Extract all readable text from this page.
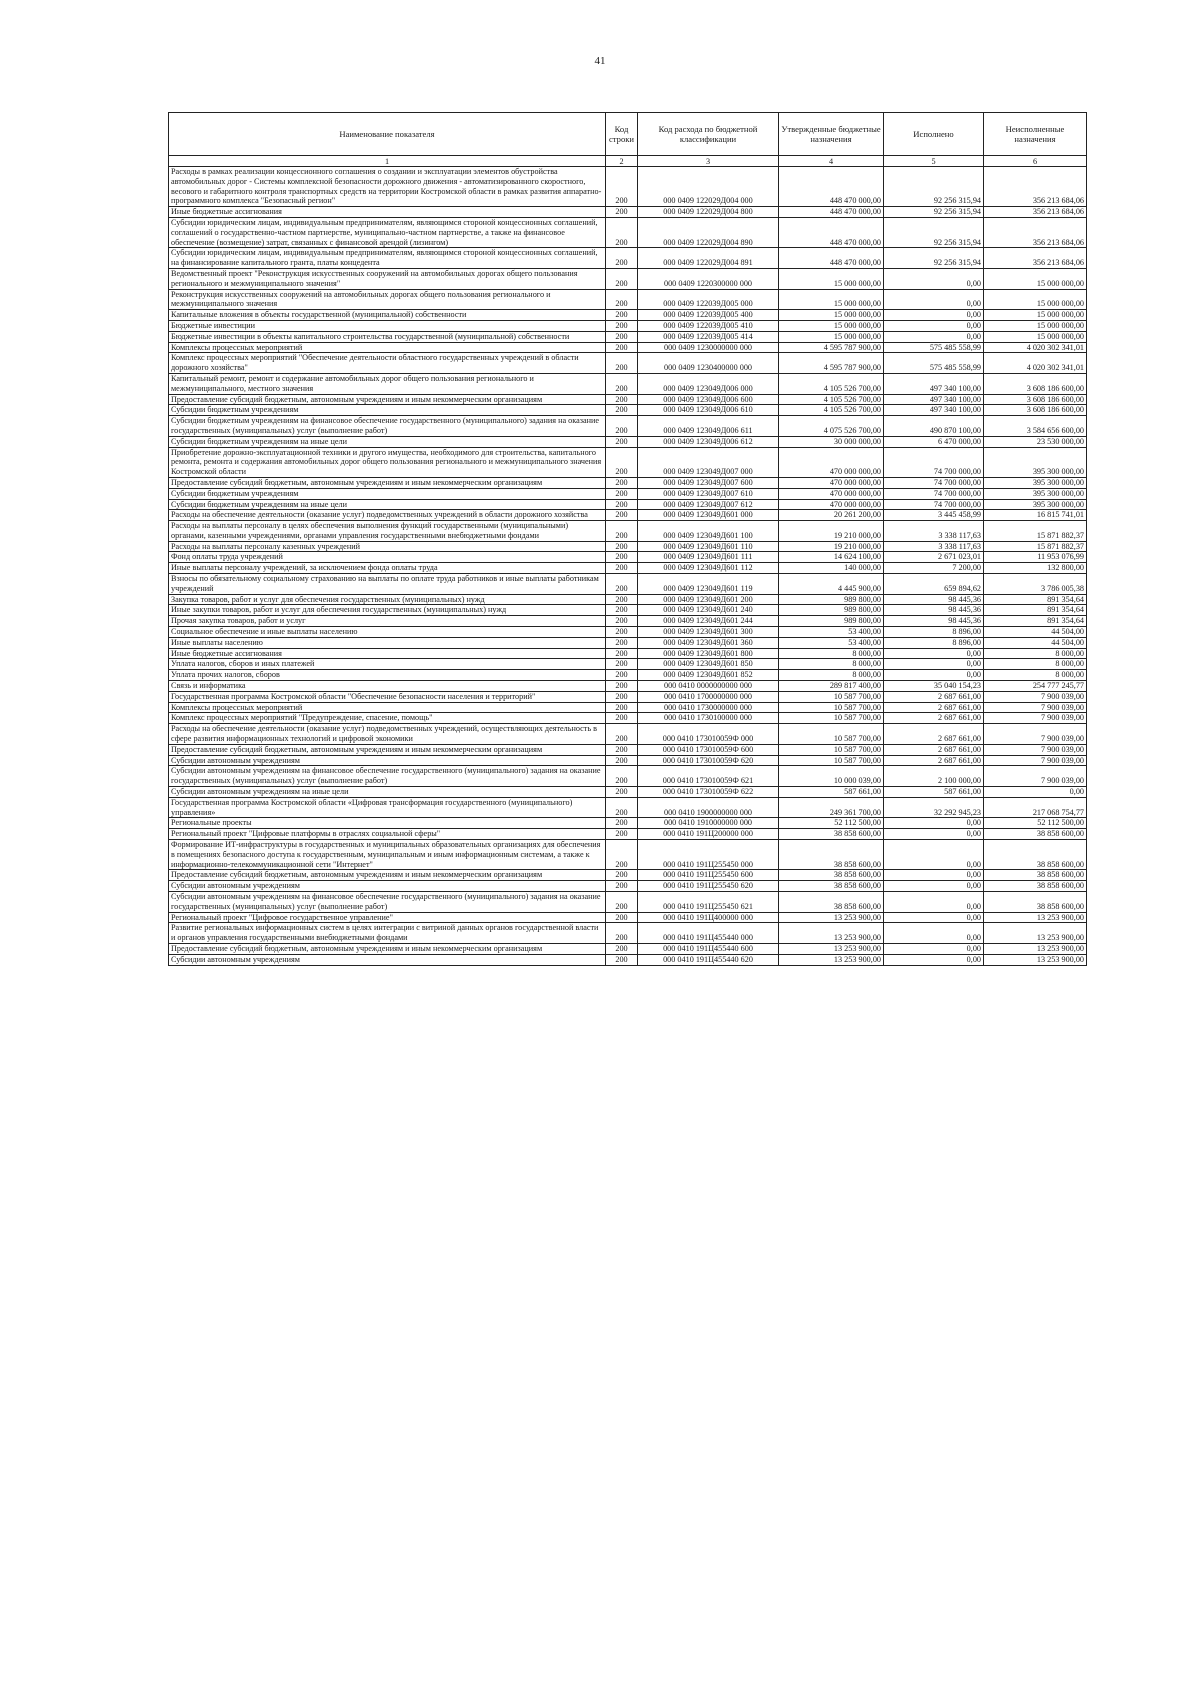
41
Наименование показателя	Код строки	Код расхода по бюджетной классификации	Утвержденные бюджетные назначения	Исполнено	Неисполненные назначения
1	2	3	4	5	6
Расходы в рамках реализации концессионного соглашения о создании и эксплуатации элементов обустройства автомобильных дорог - Системы комплексной безопасности дорожного движения - автоматизированного скоростного, весового и габаритного контроля транспортных средств на территории Костромской области в рамках развития аппаратно-программного комплекса "Безопасный регион"	200	000 0409 122029Д004 000	448 470 000,00	92 256 315,94	356 213 684,06
Иные бюджетные ассигнования	200	000 0409 122029Д004 800	448 470 000,00	92 256 315,94	356 213 684,06
Субсидии юридическим лицам, индивидуальным предпринимателям, являющимся стороной концессионных соглашений, соглашений о государственно-частном партнерстве, муниципально-частном партнерстве, а также на финансовое обеспечение (возмещение) затрат, связанных с финансовой арендой (лизингом)	200	000 0409 122029Д004 890	448 470 000,00	92 256 315,94	356 213 684,06
Субсидии юридическим лицам, индивидуальным предпринимателям, являющимся стороной концессионных соглашений, на финансирование капитального гранта, платы концедента	200	000 0409 122029Д004 891	448 470 000,00	92 256 315,94	356 213 684,06
Ведомственный проект "Реконструкция искусственных сооружений на автомобильных дорогах общего пользования регионального и межмуниципального значения"	200	000 0409 1220300000 000	15 000 000,00	0,00	15 000 000,00
Реконструкция искусственных сооружений на автомобильных дорогах общего пользования регионального и межмуниципального значения	200	000 0409 122039Д005 000	15 000 000,00	0,00	15 000 000,00
Капитальные вложения в объекты государственной (муниципальной) собственности	200	000 0409 122039Д005 400	15 000 000,00	0,00	15 000 000,00
Бюджетные инвестиции	200	000 0409 122039Д005 410	15 000 000,00	0,00	15 000 000,00
Бюджетные инвестиции в объекты капитального строительства государственной (муниципальной) собственности	200	000 0409 122039Д005 414	15 000 000,00	0,00	15 000 000,00
Комплексы процессных мероприятий	200	000 0409 1230000000 000	4 595 787 900,00	575 485 558,99	4 020 302 341,01
Комплекс процессных мероприятий "Обеспечение деятельности областного государственных учреждений в области дорожного хозяйства"	200	000 0409 1230400000 000	4 595 787 900,00	575 485 558,99	4 020 302 341,01
Капитальный ремонт, ремонт и содержание автомобильных дорог общего пользования регионального и межмуниципального, местного значения	200	000 0409 123049Д006 000	4 105 526 700,00	497 340 100,00	3 608 186 600,00
Предоставление субсидий бюджетным, автономным учреждениям и иным некоммерческим организациям	200	000 0409 123049Д006 600	4 105 526 700,00	497 340 100,00	3 608 186 600,00
Субсидии бюджетным учреждениям	200	000 0409 123049Д006 610	4 105 526 700,00	497 340 100,00	3 608 186 600,00
Субсидии бюджетным учреждениям на финансовое обеспечение государственного (муниципального) задания на оказание государственных (муниципальных) услуг (выполнение работ)	200	000 0409 123049Д006 611	4 075 526 700,00	490 870 100,00	3 584 656 600,00
Субсидии бюджетным учреждениям на иные цели	200	000 0409 123049Д006 612	30 000 000,00	6 470 000,00	23 530 000,00
Приобретение дорожно-эксплуатационной техники и другого имущества, необходимого для строительства, капитального ремонта, ремонта и содержания автомобильных дорог общего пользования регионального и межмуниципального значения Костромской области	200	000 0409 123049Д007 000	470 000 000,00	74 700 000,00	395 300 000,00
Предоставление субсидий бюджетным, автономным учреждениям и иным некоммерческим организациям	200	000 0409 123049Д007 600	470 000 000,00	74 700 000,00	395 300 000,00
Субсидии бюджетным учреждениям	200	000 0409 123049Д007 610	470 000 000,00	74 700 000,00	395 300 000,00
Субсидии бюджетным учреждениям на иные цели	200	000 0409 123049Д007 612	470 000 000,00	74 700 000,00	395 300 000,00
Расходы на обеспечение деятельности (оказание услуг) подведомственных учреждений в области дорожного хозяйства	200	000 0409 123049Д601 000	20 261 200,00	3 445 458,99	16 815 741,01
Расходы на выплаты персоналу в целях обеспечения выполнения функций государственными (муниципальными) органами, казенными учреждениями, органами управления государственными внебюджетными фондами	200	000 0409 123049Д601 100	19 210 000,00	3 338 117,63	15 871 882,37
Расходы на выплаты персоналу казенных учреждений	200	000 0409 123049Д601 110	19 210 000,00	3 338 117,63	15 871 882,37
Фонд оплаты труда учреждений	200	000 0409 123049Д601 111	14 624 100,00	2 671 023,01	11 953 076,99
Иные выплаты персоналу учреждений, за исключением фонда оплаты труда	200	000 0409 123049Д601 112	140 000,00	7 200,00	132 800,00
Взносы по обязательному социальному страхованию на выплаты по оплате труда работников и иные выплаты работникам учреждений	200	000 0409 123049Д601 119	4 445 900,00	659 894,62	3 786 005,38
Закупка товаров, работ и услуг для обеспечения государственных (муниципальных) нужд	200	000 0409 123049Д601 200	989 800,00	98 445,36	891 354,64
Иные закупки товаров, работ и услуг для обеспечения государственных (муниципальных) нужд	200	000 0409 123049Д601 240	989 800,00	98 445,36	891 354,64
Прочая закупка товаров, работ и услуг	200	000 0409 123049Д601 244	989 800,00	98 445,36	891 354,64
Социальное обеспечение и иные выплаты населению	200	000 0409 123049Д601 300	53 400,00	8 896,00	44 504,00
Иные выплаты населению	200	000 0409 123049Д601 360	53 400,00	8 896,00	44 504,00
Иные бюджетные ассигнования	200	000 0409 123049Д601 800	8 000,00	0,00	8 000,00
Уплата налогов, сборов и иных платежей	200	000 0409 123049Д601 850	8 000,00	0,00	8 000,00
Уплата прочих налогов, сборов	200	000 0409 123049Д601 852	8 000,00	0,00	8 000,00
Связь и информатика	200	000 0410 0000000000 000	289 817 400,00	35 040 154,23	254 777 245,77
Государственная программа Костромской области "Обеспечение безопасности населения и территорий"	200	000 0410 1700000000 000	10 587 700,00	2 687 661,00	7 900 039,00
Комплексы процессных мероприятий	200	000 0410 1730000000 000	10 587 700,00	2 687 661,00	7 900 039,00
Комплекс процессных мероприятий "Предупреждение, спасение, помощь"	200	000 0410 1730100000 000	10 587 700,00	2 687 661,00	7 900 039,00
Расходы на обеспечение деятельности (оказание услуг) подведомственных учреждений, осуществляющих деятельность в сфере развития информационных технологий и цифровой экономики	200	000 0410 173010059Ф 000	10 587 700,00	2 687 661,00	7 900 039,00
Предоставление субсидий бюджетным, автономным учреждениям и иным некоммерческим организациям	200	000 0410 173010059Ф 600	10 587 700,00	2 687 661,00	7 900 039,00
Субсидии автономным учреждениям	200	000 0410 173010059Ф 620	10 587 700,00	2 687 661,00	7 900 039,00
Субсидии автономным учреждениям на финансовое обеспечение государственного (муниципального) задания на оказание государственных (муниципальных) услуг (выполнение работ)	200	000 0410 173010059Ф 621	10 000 039,00	2 100 000,00	7 900 039,00
Субсидии автономным учреждениям на иные цели	200	000 0410 173010059Ф 622	587 661,00	587 661,00	0,00
Государственная программа Костромской области «Цифровая трансформация государственного (муниципального) управления»	200	000 0410 1900000000 000	249 361 700,00	32 292 945,23	217 068 754,77
Региональные проекты	200	000 0410 1910000000 000	52 112 500,00	0,00	52 112 500,00
Региональный проект "Цифровые платформы в отраслях социальной сферы"	200	000 0410 191Ц200000 000	38 858 600,00	0,00	38 858 600,00
Формирование ИТ-инфраструктуры в государственных и муниципальных образовательных организациях для обеспечения в помещениях безопасного доступа к государственным, муниципальным и иным информационным системам, а также к информационно-телекоммуникационной сети "Интернет"	200	000 0410 191Ц255450 000	38 858 600,00	0,00	38 858 600,00
Предоставление субсидий бюджетным, автономным учреждениям и иным некоммерческим организациям	200	000 0410 191Ц255450 600	38 858 600,00	0,00	38 858 600,00
Субсидии автономным учреждениям	200	000 0410 191Ц255450 620	38 858 600,00	0,00	38 858 600,00
Субсидии автономным учреждениям на финансовое обеспечение государственного (муниципального) задания на оказание государственных (муниципальных) услуг (выполнение работ)	200	000 0410 191Ц255450 621	38 858 600,00	0,00	38 858 600,00
Региональный проект "Цифровое государственное управление"	200	000 0410 191Ц400000 000	13 253 900,00	0,00	13 253 900,00
Развитие региональных информационных систем в целях интеграции с витриной данных органов государственной власти и органов управления государственными внебюджетными фондами	200	000 0410 191Ц455440 000	13 253 900,00	0,00	13 253 900,00
Предоставление субсидий бюджетным, автономным учреждениям и иным некоммерческим организациям	200	000 0410 191Ц455440 600	13 253 900,00	0,00	13 253 900,00
Субсидии автономным учреждениям	200	000 0410 191Ц455440 620	13 253 900,00	0,00	13 253 900,00
